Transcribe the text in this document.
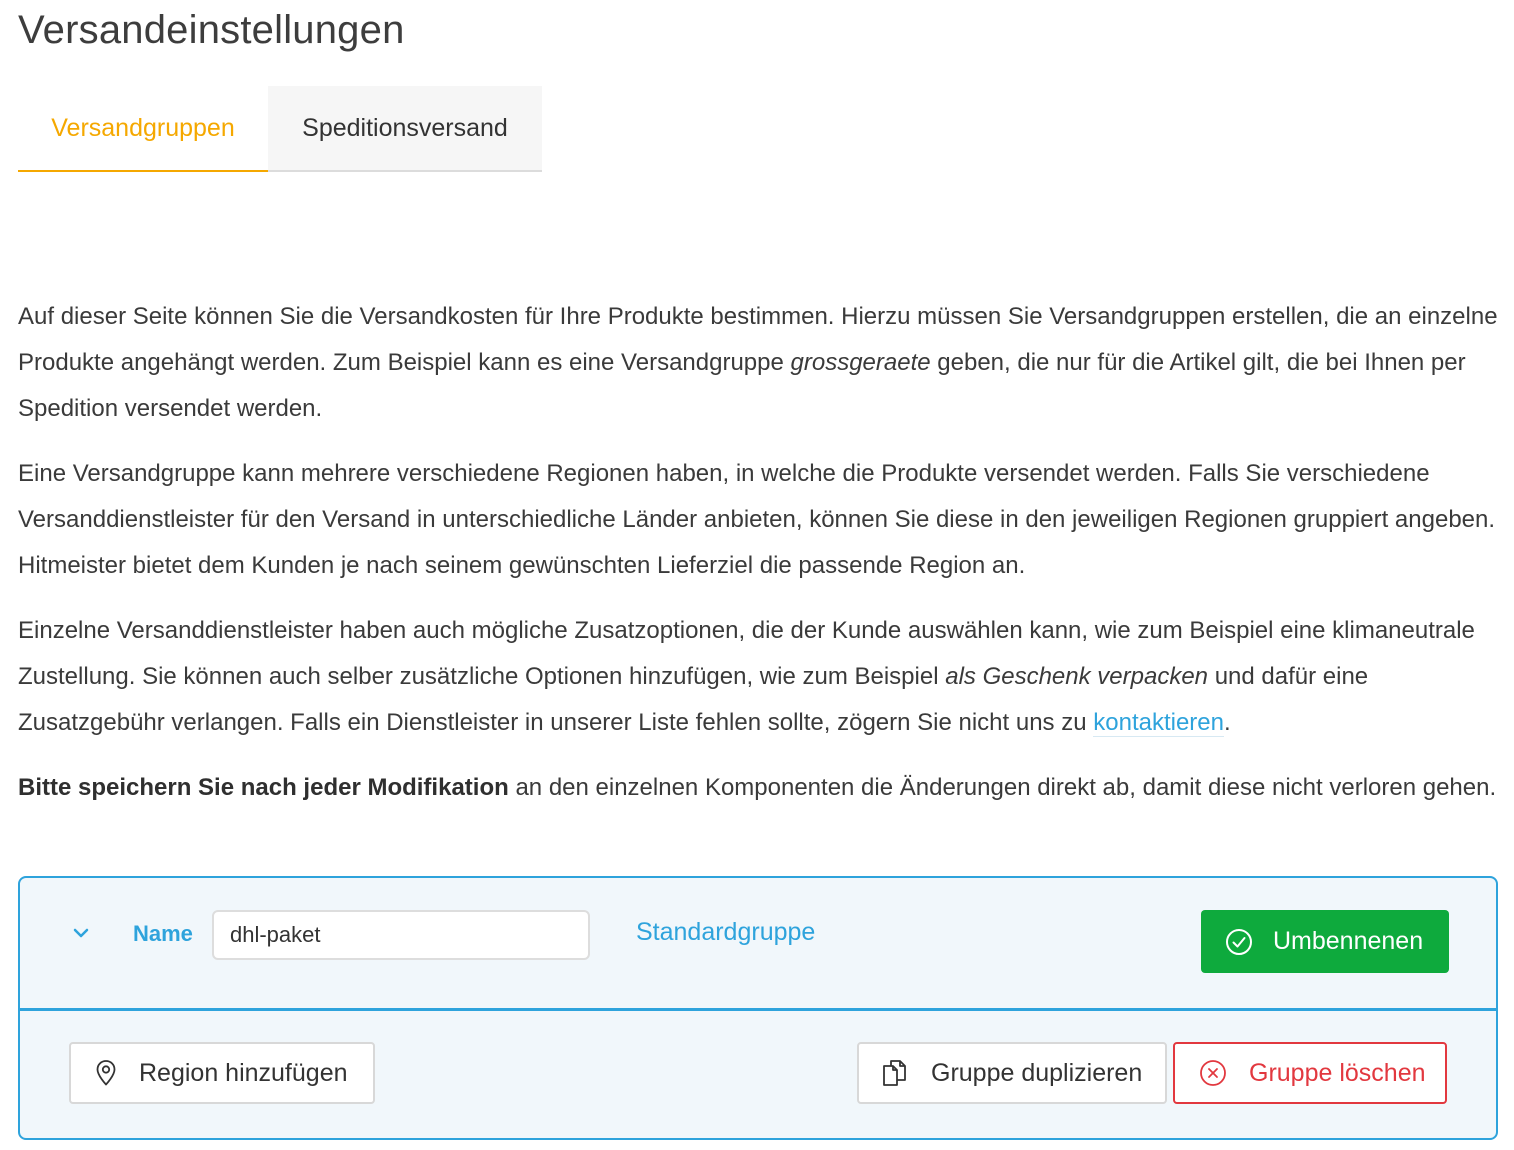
Versandeinstellungen
Versandgruppen	Speditionsversand

Auf dieser Seite können Sie die Versandkosten für Ihre Produkte bestimmen. Hierzu müssen Sie Versandgruppen erstellen, die an einzelne Produkte angehängt werden. Zum Beispiel kann es eine Versandgruppe grossgeraete geben, die nur für die Artikel gilt, die bei Ihnen per Spedition versendet werden.

Eine Versandgruppe kann mehrere verschiedene Regionen haben, in welche die Produkte versendet werden. Falls Sie verschiedene Versanddienstleister für den Versand in unterschiedliche Länder anbieten, können Sie diese in den jeweiligen Regionen gruppiert angeben. Hitmeister bietet dem Kunden je nach seinem gewünschten Lieferziel die passende Region an.

Einzelne Versanddienstleister haben auch mögliche Zusatzoptionen, die der Kunde auswählen kann, wie zum Beispiel eine klimaneutrale Zustellung. Sie können auch selber zusätzliche Optionen hinzufügen, wie zum Beispiel als Geschenk verpacken und dafür eine Zusatzgebühr verlangen. Falls ein Dienstleister in unserer Liste fehlen sollte, zögern Sie nicht uns zu kontaktieren.

Bitte speichern Sie nach jeder Modifikation an den einzelnen Komponenten die Änderungen direkt ab, damit diese nicht verloren gehen.

Name
dhl-paket	Standardgruppe	Umbennenen
Region hinzufügen	Gruppe duplizieren	Gruppe löschen
